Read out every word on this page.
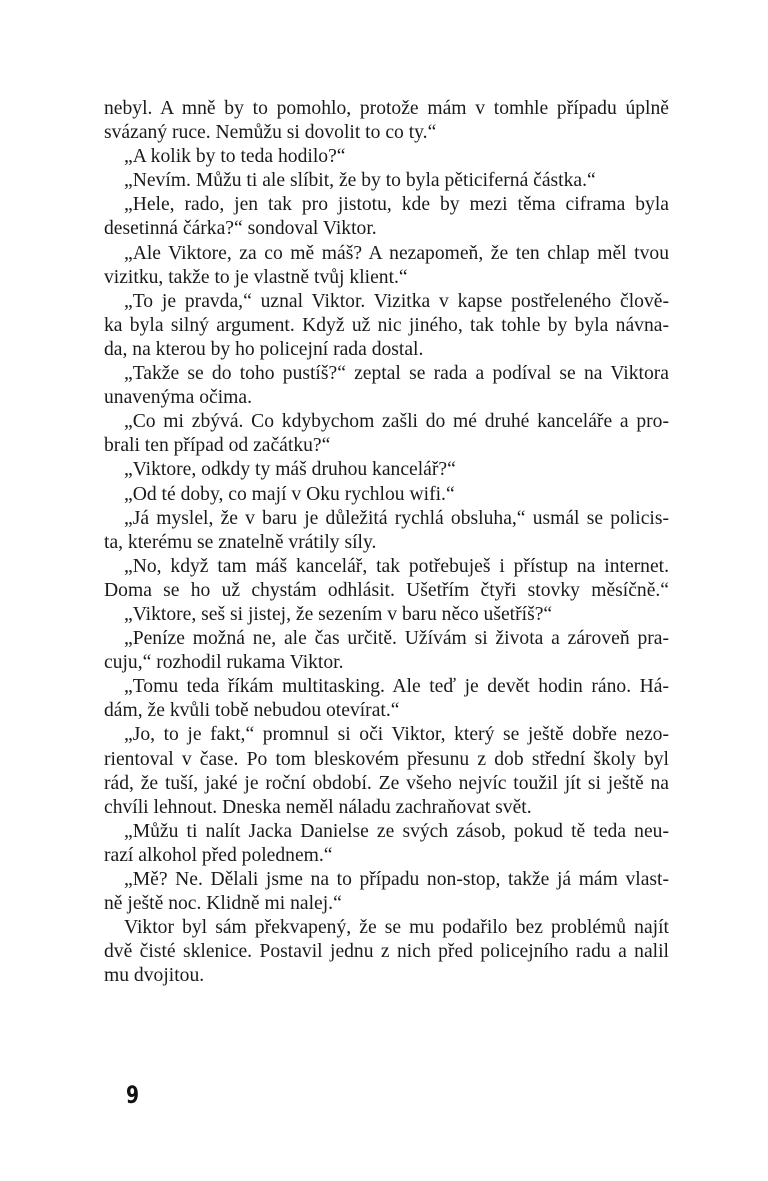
nebyl. A mně by to pomohlo, protože mám v tomhle případu úplně
svázaný ruce. Nemůžu si dovolit to co ty.“
„A kolik by to teda hodilo?“
„Nevím. Můžu ti ale slíbit, že by to byla pěticiferná částka.“
„Hele, rado, jen tak pro jistotu, kde by mezi těma ciframa byla
desetinná čárka?“ sondoval Viktor.
„Ale Viktore, za co mě máš? A nezapomeň, že ten chlap měl tvou
vizitku, takže to je vlastně tvůj klient.“
„To je pravda,“ uznal Viktor. Vizitka v kapse postřeleného člově-
ka byla silný argument. Když už nic jiného, tak tohle by byla návna-
da, na kterou by ho policejní rada dostal.
„Takže se do toho pustíš?“ zeptal se rada a podíval se na Viktora
unavenýma očima.
„Co mi zbývá. Co kdybychom zašli do mé druhé kanceláře a pro-
brali ten případ od začátku?“
„Viktore, odkdy ty máš druhou kancelář?“
„Od té doby, co mají v Oku rychlou wifi.“
„Já myslel, že v baru je důležitá rychlá obsluha,“ usmál se policis-
ta, kterému se znatelně vrátily síly.
„No, když tam máš kancelář, tak potřebuješ i přístup na internet.
Doma se ho už chystám odhlásit. Ušetřím čtyři stovky měsíčně.“
„Viktore, seš si jistej, že sezením v baru něco ušetříš?“
„Peníze možná ne, ale čas určitě. Užívám si života a zároveň pra-
cuju,“ rozhodil rukama Viktor.
„Tomu teda říkám multitasking. Ale teď je devět hodin ráno. Há-
dám, že kvůli tobě nebudou otevírat.“
„Jo, to je fakt,“ promnul si oči Viktor, který se ještě dobře nezo-
rientoval v čase. Po tom bleskovém přesunu z dob střední školy byl
rád, že tuší, jaké je roční období. Ze všeho nejvíc toužil jít si ještě na
chvíli lehnout. Dneska neměl náladu zachraňovat svět.
„Můžu ti nalít Jacka Danielse ze svých zásob, pokud tě teda neu-
razí alkohol před polednem.“
„Mě? Ne. Dělali jsme na to případu non-stop, takže já mám vlast-
ně ještě noc. Klidně mi nalej.“
Viktor byl sám překvapený, že se mu podařilo bez problémů najít
dvě čisté sklenice. Postavil jednu z nich před policejního radu a nalil
mu dvojitou.
9
